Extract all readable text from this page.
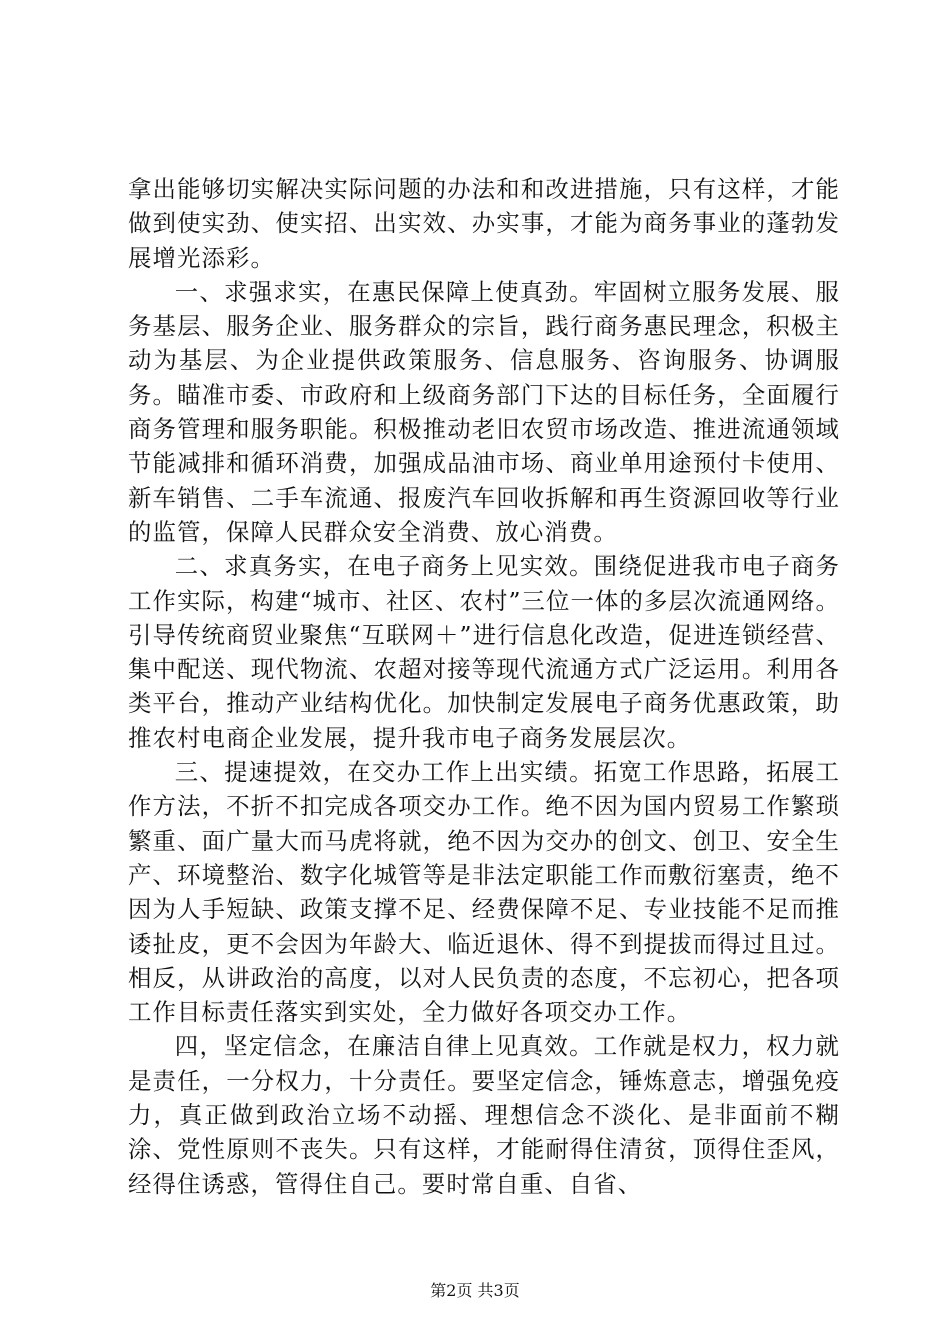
拿出能够切实解决实际问题的办法和和改进措施，只有这样，才能做到使实劲、使实招、出实效、办实事，才能为商务事业的蓬勃发展增光添彩。

一、求强求实，在惠民保障上使真劲。牢固树立服务发展、服务基层、服务企业、服务群众的宗旨，践行商务惠民理念，积极主动为基层、为企业提供政策服务、信息服务、咨询服务、协调服务。瞄准市委、市政府和上级商务部门下达的目标任务，全面履行商务管理和服务职能。积极推动老旧农贸市场改造、推进流通领域节能减排和循环消费，加强成品油市场、商业单用途预付卡使用、新车销售、二手车流通、报废汽车回收拆解和再生资源回收等行业的监管，保障人民群众安全消费、放心消费。

二、求真务实，在电子商务上见实效。围绕促进我市电子商务工作实际，构建“城市、社区、农村”三位一体的多层次流通网络。引导传统商贸业聚焦“互联网＋”进行信息化改造，促进连锁经营、集中配送、现代物流、农超对接等现代流通方式广泛运用。利用各类平台，推动产业结构优化。加快制定发展电子商务优惠政策，助推农村电商企业发展，提升我市电子商务发展层次。

三、提速提效，在交办工作上出实绩。拓宽工作思路，拓展工作方法，不折不扣完成各项交办工作。绝不因为国内贸易工作繁琐繁重、面广量大而马虎将就，绝不因为交办的创文、创卫、安全生产、环境整治、数字化城管等是非法定职能工作而敷衍塞责，绝不因为人手短缺、政策支撑不足、经费保障不足、专业技能不足而推诿扯皮，更不会因为年龄大、临近退休、得不到提拔而得过且过。相反，从讲政治的高度，以对人民负责的态度，不忘初心，把各项工作目标责任落实到实处，全力做好各项交办工作。

四，坚定信念，在廉洁自律上见真效。工作就是权力，权力就是责任，一分权力，十分责任。要坚定信念，锤炼意志，增强免疫力，真正做到政治立场不动摇、理想信念不淡化、是非面前不糊涂、党性原则不丧失。只有这样，才能耐得住清贫，顶得住歪风，经得住诱惑，管得住自己。要时常自重、自省、

第2页 共3页
